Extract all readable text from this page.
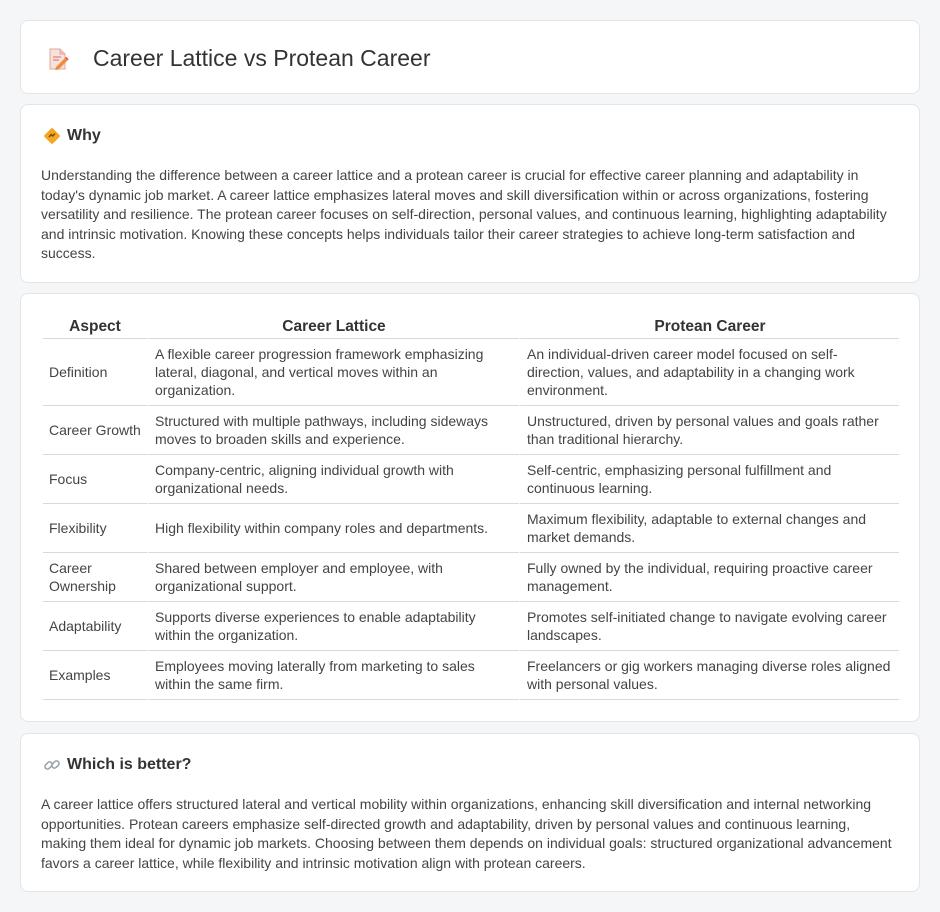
Career Lattice vs Protean Career
Why

Understanding the difference between a career lattice and a protean career is crucial for effective career planning and adaptability in today's dynamic job market. A career lattice emphasizes lateral moves and skill diversification within or across organizations, fostering versatility and resilience. The protean career focuses on self-direction, personal values, and continuous learning, highlighting adaptability and intrinsic motivation. Knowing these concepts helps individuals tailor their career strategies to achieve long-term satisfaction and success.

Aspect	Career Lattice	Protean Career
Definition	A flexible career progression framework emphasizing lateral, diagonal, and vertical moves within an organization.	An individual-driven career model focused on self-direction, values, and adaptability in a changing work environment.
Career Growth	Structured with multiple pathways, including sideways moves to broaden skills and experience.	Unstructured, driven by personal values and goals rather than traditional hierarchy.
Focus	Company-centric, aligning individual growth with organizational needs.	Self-centric, emphasizing personal fulfillment and continuous learning.
Flexibility	High flexibility within company roles and departments.	Maximum flexibility, adaptable to external changes and market demands.
Career Ownership	Shared between employer and employee, with organizational support.	Fully owned by the individual, requiring proactive career management.
Adaptability	Supports diverse experiences to enable adaptability within the organization.	Promotes self-initiated change to navigate evolving career landscapes.
Examples	Employees moving laterally from marketing to sales within the same firm.	Freelancers or gig workers managing diverse roles aligned with personal values.
Which is better?

A career lattice offers structured lateral and vertical mobility within organizations, enhancing skill diversification and internal networking opportunities. Protean careers emphasize self-directed growth and adaptability, driven by personal values and continuous learning, making them ideal for dynamic job markets. Choosing between them depends on individual goals: structured organizational advancement favors a career lattice, while flexibility and intrinsic motivation align with protean careers.
